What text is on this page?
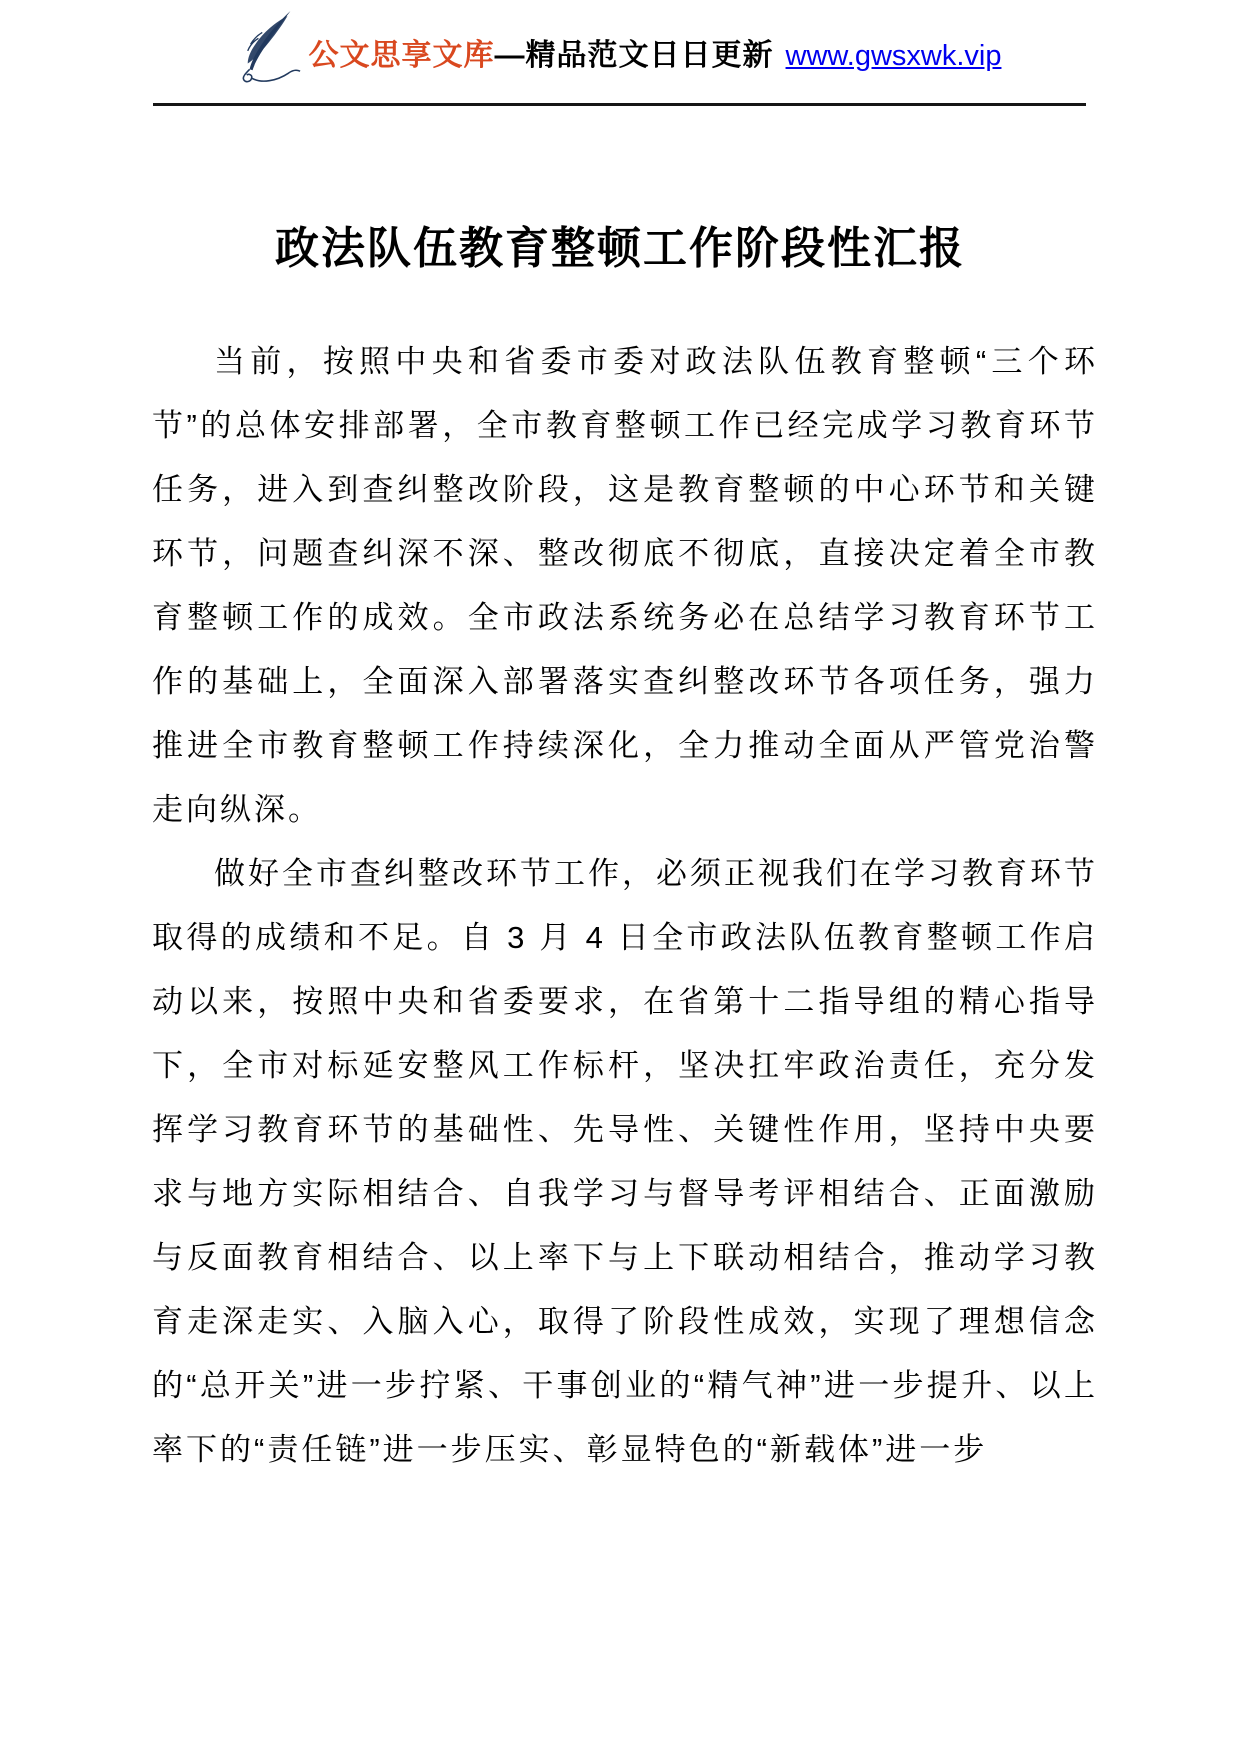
公文思享文库 —精品范文日日更新 www.gwsxwk.vip
政法队伍教育整顿工作阶段性汇报

当前，按照中央和省委市委对政法队伍教育整顿“三个环节”的总体安排部署，全市教育整顿工作已经完成学习教育环节任务，进入到查纠整改阶段，这是教育整顿的中心环节和关键环节，问题查纠深不深、整改彻底不彻底，直接决定着全市教育整顿工作的成效。全市政法系统务必在总结学习教育环节工作的基础上，全面深入部署落实查纠整改环节各项任务，强力推进全市教育整顿工作持续深化，全力推动全面从严管党治警走向纵深。

做好全市查纠整改环节工作，必须正视我们在学习教育环节取得的成绩和不足。自 3 月 4 日全市政法队伍教育整顿工作启动以来，按照中央和省委要求，在省第十二指导组的精心指导下，全市对标延安整风工作标杆，坚决扛牢政治责任，充分发挥学习教育环节的基础性、先导性、关键性作用，坚持中央要求与地方实际相结合、自我学习与督导考评相结合、正面激励与反面教育相结合、以上率下与上下联动相结合，推动学习教育走深走实、入脑入心，取得了阶段性成效，实现了理想信念的“总开关”进一步拧紧、干事创业的“精气神”进一步提升、以上率下的“责任链”进一步压实、彰显特色的“新载体”进一步
